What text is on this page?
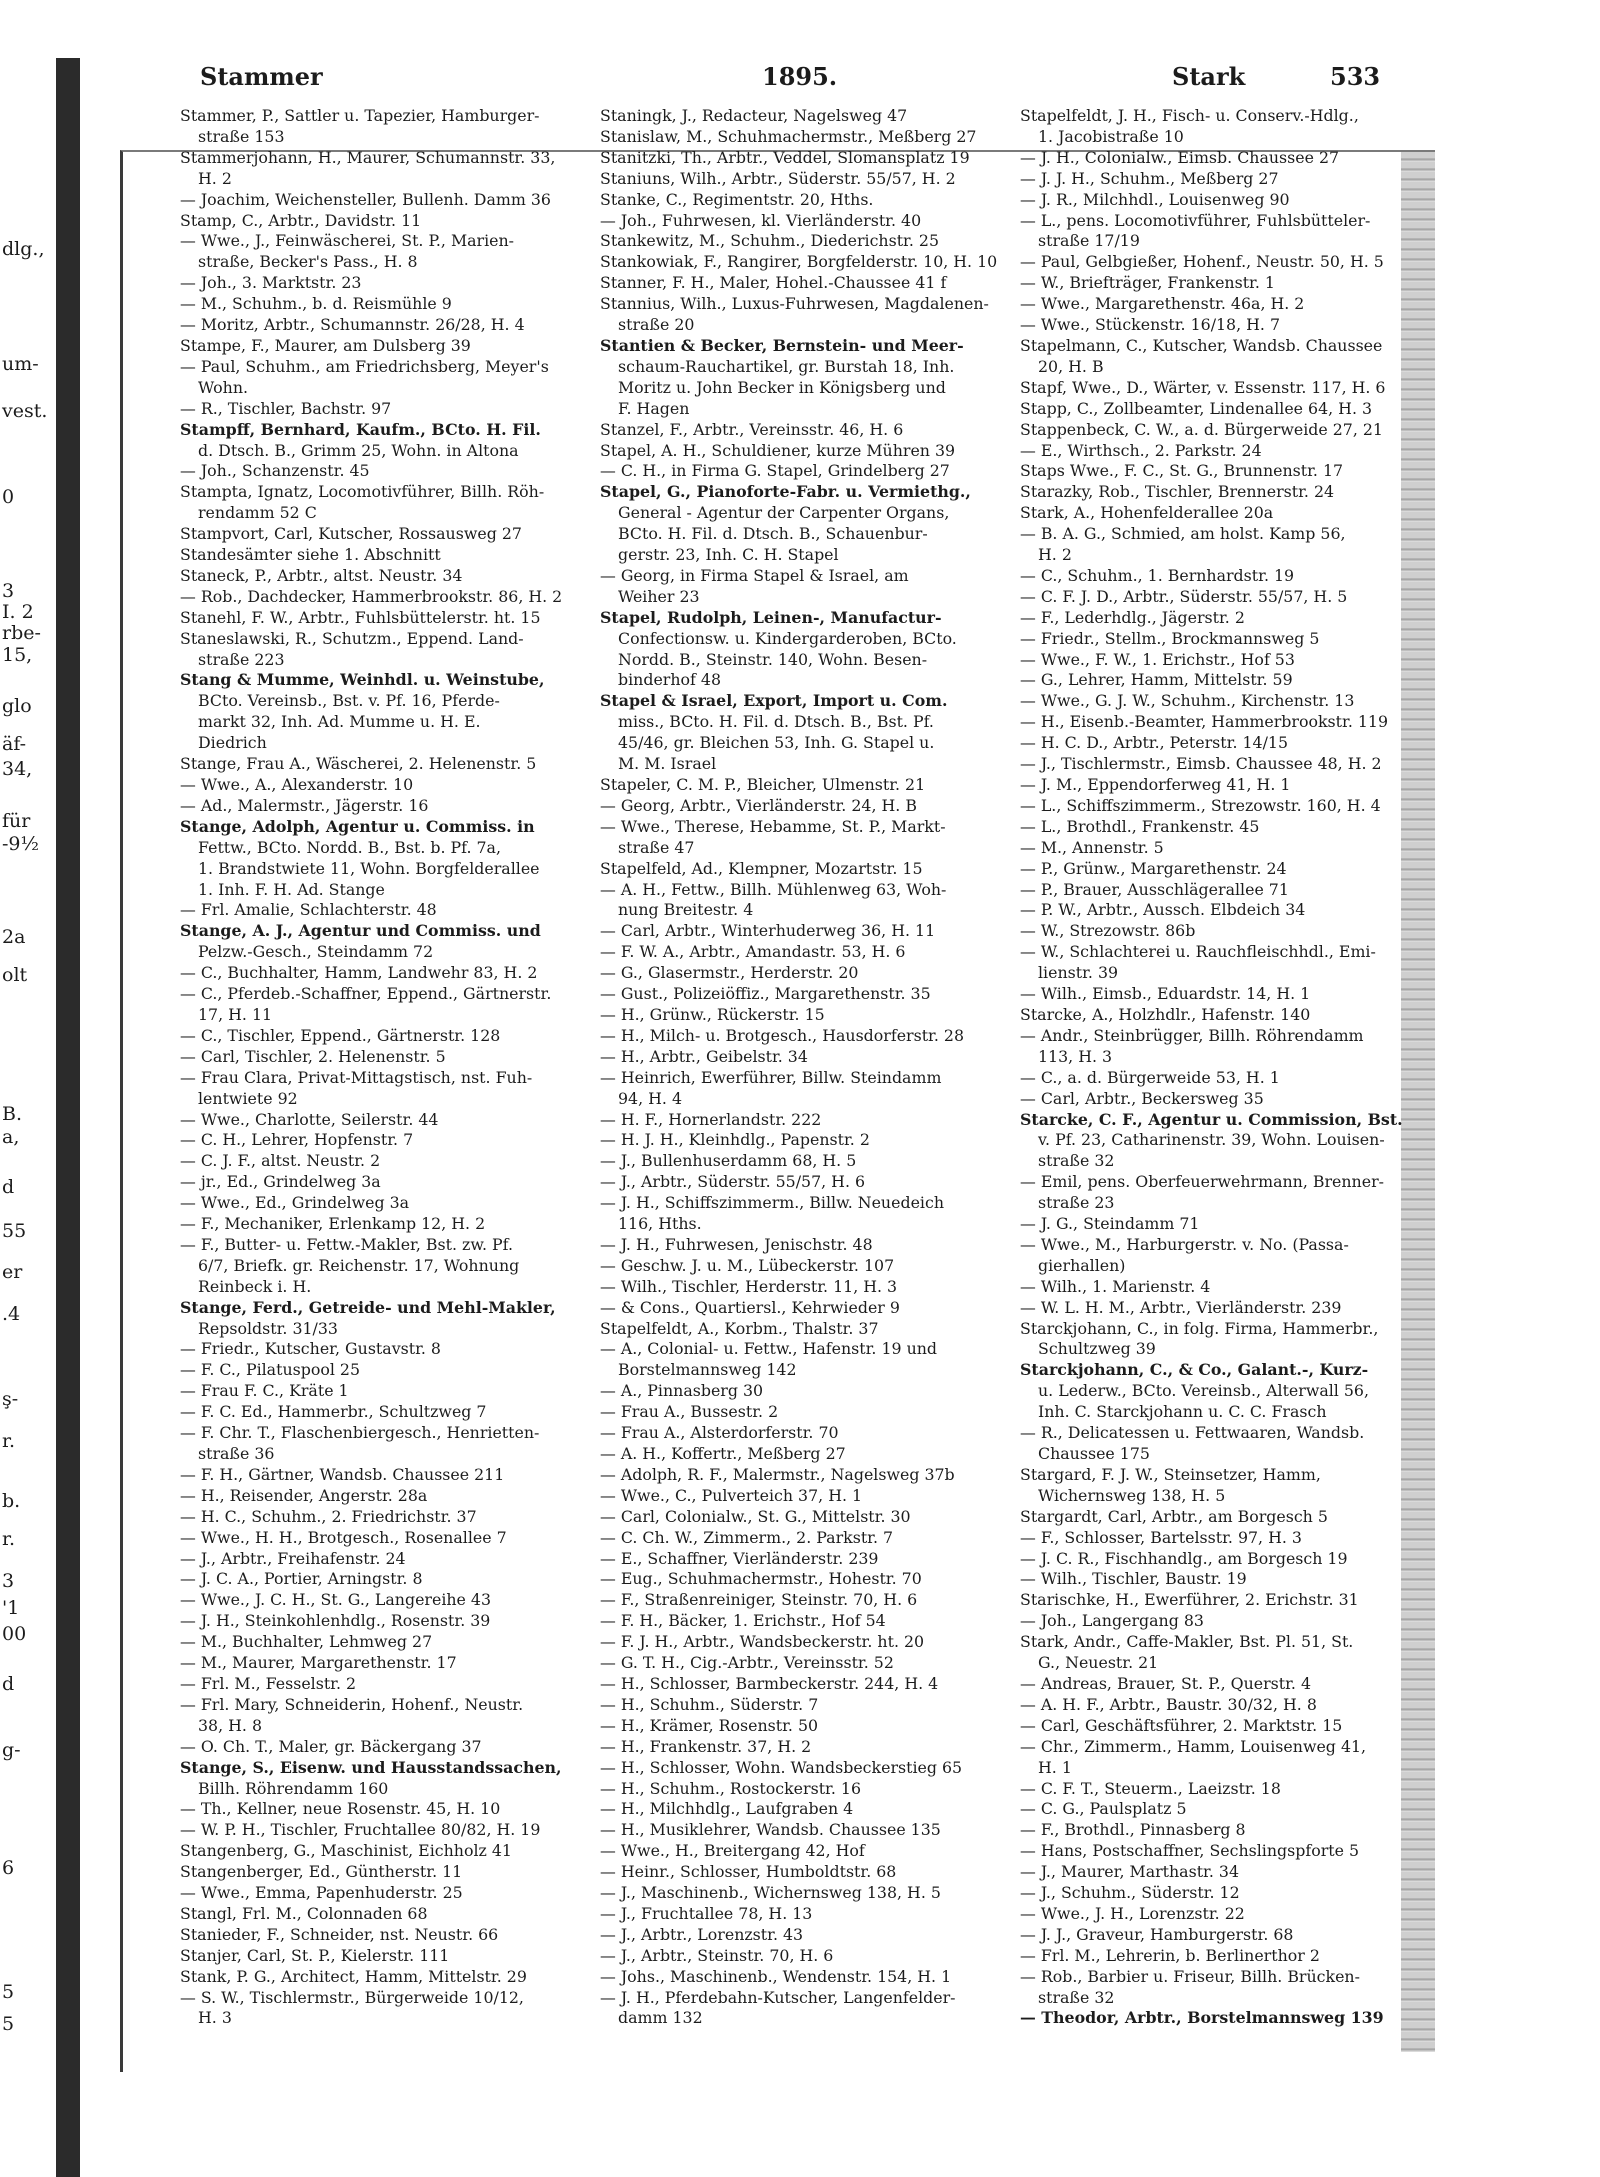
dlg.,
um-
vest.
0
3
I. 2
rbe-
15,
glo
äf-
34,
für
-9½
2a
olt
B.
a,
d
55
er
.4
ş-
r.
b.
r.
3
'1
00
d
g-
6
5
5
Stammer	1895.	Stark	533
Stammer, P., Sattler u. Tapezier, Hamburger-
straße 153
Stammerjohann, H., Maurer, Schumannstr. 33,
H. 2
— Joachim, Weichensteller, Bullenh. Damm 36
Stamp, C., Arbtr., Davidstr. 11
— Wwe., J., Feinwäscherei, St. P., Marien-
straße, Becker's Pass., H. 8
— Joh., 3. Marktstr. 23
— M., Schuhm., b. d. Reismühle 9
— Moritz, Arbtr., Schumannstr. 26/28, H. 4
Stampe, F., Maurer, am Dulsberg 39
— Paul, Schuhm., am Friedrichsberg, Meyer's
Wohn.
— R., Tischler, Bachstr. 97
Stampff, Bernhard, Kaufm., BCto. H. Fil.
d. Dtsch. B., Grimm 25, Wohn. in Altona
— Joh., Schanzenstr. 45
Stampta, Ignatz, Locomotivführer, Billh. Röh-
rendamm 52 C
Stampvort, Carl, Kutscher, Rossausweg 27
Standesämter siehe 1. Abschnitt
Staneck, P., Arbtr., altst. Neustr. 34
— Rob., Dachdecker, Hammerbrookstr. 86, H. 2
Stanehl, F. W., Arbtr., Fuhlsbüttelerstr. ht. 15
Staneslawski, R., Schutzm., Eppend. Land-
straße 223
Stang & Mumme, Weinhdl. u. Weinstube,
BCto. Vereinsb., Bst. v. Pf. 16, Pferde-
markt 32, Inh. Ad. Mumme u. H. E.
Diedrich
Stange, Frau A., Wäscherei, 2. Helenenstr. 5
— Wwe., A., Alexanderstr. 10
— Ad., Malermstr., Jägerstr. 16
Stange, Adolph, Agentur u. Commiss. in
Fettw., BCto. Nordd. B., Bst. b. Pf. 7a,
1. Brandstwiete 11, Wohn. Borgfelderallee
1. Inh. F. H. Ad. Stange
— Frl. Amalie, Schlachterstr. 48
Stange, A. J., Agentur und Commiss. und
Pelzw.-Gesch., Steindamm 72
— C., Buchhalter, Hamm, Landwehr 83, H. 2
— C., Pferdeb.-Schaffner, Eppend., Gärtnerstr.
17, H. 11
— C., Tischler, Eppend., Gärtnerstr. 128
— Carl, Tischler, 2. Helenenstr. 5
— Frau Clara, Privat-Mittagstisch, nst. Fuh-
lentwiete 92
— Wwe., Charlotte, Seilerstr. 44
— C. H., Lehrer, Hopfenstr. 7
— C. J. F., altst. Neustr. 2
— jr., Ed., Grindelweg 3a
— Wwe., Ed., Grindelweg 3a
— F., Mechaniker, Erlenkamp 12, H. 2
— F., Butter- u. Fettw.-Makler, Bst. zw. Pf.
6/7, Briefk. gr. Reichenstr. 17, Wohnung
Reinbeck i. H.
Stange, Ferd., Getreide- und Mehl-Makler,
Repsoldstr. 31/33
— Friedr., Kutscher, Gustavstr. 8
— F. C., Pilatuspool 25
— Frau F. C., Kräte 1
— F. C. Ed., Hammerbr., Schultzweg 7
— F. Chr. T., Flaschenbiergesch., Henrietten-
straße 36
— F. H., Gärtner, Wandsb. Chaussee 211
— H., Reisender, Angerstr. 28a
— H. C., Schuhm., 2. Friedrichstr. 37
— Wwe., H. H., Brotgesch., Rosenallee 7
— J., Arbtr., Freihafenstr. 24
— J. C. A., Portier, Arningstr. 8
— Wwe., J. C. H., St. G., Langereihe 43
— J. H., Steinkohlenhdlg., Rosenstr. 39
— M., Buchhalter, Lehmweg 27
— M., Maurer, Margarethenstr. 17
— Frl. M., Fesselstr. 2
— Frl. Mary, Schneiderin, Hohenf., Neustr.
38, H. 8
— O. Ch. T., Maler, gr. Bäckergang 37
Stange, S., Eisenw. und Hausstandssachen,
Billh. Röhrendamm 160
— Th., Kellner, neue Rosenstr. 45, H. 10
— W. P. H., Tischler, Fruchtallee 80/82, H. 19
Stangenberg, G., Maschinist, Eichholz 41
Stangenberger, Ed., Güntherstr. 11
— Wwe., Emma, Papenhuderstr. 25
Stangl, Frl. M., Colonnaden 68
Stanieder, F., Schneider, nst. Neustr. 66
Stanjer, Carl, St. P., Kielerstr. 111
Stank, P. G., Architect, Hamm, Mittelstr. 29
— S. W., Tischlermstr., Bürgerweide 10/12,
H. 3
Staningk, J., Redacteur, Nagelsweg 47
Stanislaw, M., Schuhmachermstr., Meßberg 27
Stanitzki, Th., Arbtr., Veddel, Slomansplatz 19
Staniuns, Wilh., Arbtr., Süderstr. 55/57, H. 2
Stanke, C., Regimentstr. 20, Hths.
— Joh., Fuhrwesen, kl. Vierländerstr. 40
Stankewitz, M., Schuhm., Diederichstr. 25
Stankowiak, F., Rangirer, Borgfelderstr. 10, H. 10
Stanner, F. H., Maler, Hohel.-Chaussee 41 f
Stannius, Wilh., Luxus-Fuhrwesen, Magdalenen-
straße 20
Stantien & Becker, Bernstein- und Meer-
schaum-Rauchartikel, gr. Burstah 18, Inh.
Moritz u. John Becker in Königsberg und
F. Hagen
Stanzel, F., Arbtr., Vereinsstr. 46, H. 6
Stapel, A. H., Schuldiener, kurze Mühren 39
— C. H., in Firma G. Stapel, Grindelberg 27
Stapel, G., Pianoforte-Fabr. u. Vermiethg.,
General - Agentur der Carpenter Organs,
BCto. H. Fil. d. Dtsch. B., Schauenbur-
gerstr. 23, Inh. C. H. Stapel
— Georg, in Firma Stapel & Israel, am
Weiher 23
Stapel, Rudolph, Leinen-, Manufactur-
Confectionsw. u. Kindergarderoben, BCto.
Nordd. B., Steinstr. 140, Wohn. Besen-
binderhof 48
Stapel & Israel, Export, Import u. Com.
miss., BCto. H. Fil. d. Dtsch. B., Bst. Pf.
45/46, gr. Bleichen 53, Inh. G. Stapel u.
M. M. Israel
Stapeler, C. M. P., Bleicher, Ulmenstr. 21
— Georg, Arbtr., Vierländerstr. 24, H. B
— Wwe., Therese, Hebamme, St. P., Markt-
straße 47
Stapelfeld, Ad., Klempner, Mozartstr. 15
— A. H., Fettw., Billh. Mühlenweg 63, Woh-
nung Breitestr. 4
— Carl, Arbtr., Winterhuderweg 36, H. 11
— F. W. A., Arbtr., Amandastr. 53, H. 6
— G., Glasermstr., Herderstr. 20
— Gust., Polizeiöffiz., Margarethenstr. 35
— H., Grünw., Rückerstr. 15
— H., Milch- u. Brotgesch., Hausdorferstr. 28
— H., Arbtr., Geibelstr. 34
— Heinrich, Ewerführer, Billw. Steindamm
94, H. 4
— H. F., Hornerlandstr. 222
— H. J. H., Kleinhdlg., Papenstr. 2
— J., Bullenhuserdamm 68, H. 5
— J., Arbtr., Süderstr. 55/57, H. 6
— J. H., Schiffszimmerm., Billw. Neuedeich
116, Hths.
— J. H., Fuhrwesen, Jenischstr. 48
— Geschw. J. u. M., Lübeckerstr. 107
— Wilh., Tischler, Herderstr. 11, H. 3
— & Cons., Quartiersl., Kehrwieder 9
Stapelfeldt, A., Korbm., Thalstr. 37
— A., Colonial- u. Fettw., Hafenstr. 19 und
Borstelmannsweg 142
— A., Pinnasberg 30
— Frau A., Bussestr. 2
— Frau A., Alsterdorferstr. 70
— A. H., Koffertr., Meßberg 27
— Adolph, R. F., Malermstr., Nagelsweg 37b
— Wwe., C., Pulverteich 37, H. 1
— Carl, Colonialw., St. G., Mittelstr. 30
— C. Ch. W., Zimmerm., 2. Parkstr. 7
— E., Schaffner, Vierländerstr. 239
— Eug., Schuhmachermstr., Hohestr. 70
— F., Straßenreiniger, Steinstr. 70, H. 6
— F. H., Bäcker, 1. Erichstr., Hof 54
— F. J. H., Arbtr., Wandsbeckerstr. ht. 20
— G. T. H., Cig.-Arbtr., Vereinsstr. 52
— H., Schlosser, Barmbeckerstr. 244, H. 4
— H., Schuhm., Süderstr. 7
— H., Krämer, Rosenstr. 50
— H., Frankenstr. 37, H. 2
— H., Schlosser, Wohn. Wandsbeckerstieg 65
— H., Schuhm., Rostockerstr. 16
— H., Milchhdlg., Laufgraben 4
— H., Musiklehrer, Wandsb. Chaussee 135
— Wwe., H., Breitergang 42, Hof
— Heinr., Schlosser, Humboldtstr. 68
— J., Maschinenb., Wichernsweg 138, H. 5
— J., Fruchtallee 78, H. 13
— J., Arbtr., Lorenzstr. 43
— J., Arbtr., Steinstr. 70, H. 6
— Johs., Maschinenb., Wendenstr. 154, H. 1
— J. H., Pferdebahn-Kutscher, Langenfelder-
damm 132
Stapelfeldt, J. H., Fisch- u. Conserv.-Hdlg.,
1. Jacobistraße 10
— J. H., Colonialw., Eimsb. Chaussee 27
— J. J. H., Schuhm., Meßberg 27
— J. R., Milchhdl., Louisenweg 90
— L., pens. Locomotivführer, Fuhlsbütteler-
straße 17/19
— Paul, Gelbgießer, Hohenf., Neustr. 50, H. 5
— W., Briefträger, Frankenstr. 1
— Wwe., Margarethenstr. 46a, H. 2
— Wwe., Stückenstr. 16/18, H. 7
Stapelmann, C., Kutscher, Wandsb. Chaussee
20, H. B
Stapf, Wwe., D., Wärter, v. Essenstr. 117, H. 6
Stapp, C., Zollbeamter, Lindenallee 64, H. 3
Stappenbeck, C. W., a. d. Bürgerweide 27, 21
— E., Wirthsch., 2. Parkstr. 24
Staps Wwe., F. C., St. G., Brunnenstr. 17
Starazky, Rob., Tischler, Brennerstr. 24
Stark, A., Hohenfelderallee 20a
— B. A. G., Schmied, am holst. Kamp 56,
H. 2
— C., Schuhm., 1. Bernhardstr. 19
— C. F. J. D., Arbtr., Süderstr. 55/57, H. 5
— F., Lederhdlg., Jägerstr. 2
— Friedr., Stellm., Brockmannsweg 5
— Wwe., F. W., 1. Erichstr., Hof 53
— G., Lehrer, Hamm, Mittelstr. 59
— Wwe., G. J. W., Schuhm., Kirchenstr. 13
— H., Eisenb.-Beamter, Hammerbrookstr. 119
— H. C. D., Arbtr., Peterstr. 14/15
— J., Tischlermstr., Eimsb. Chaussee 48, H. 2
— J. M., Eppendorferweg 41, H. 1
— L., Schiffszimmerm., Strezowstr. 160, H. 4
— L., Brothdl., Frankenstr. 45
— M., Annenstr. 5
— P., Grünw., Margarethenstr. 24
— P., Brauer, Ausschlägerallee 71
— P. W., Arbtr., Aussch. Elbdeich 34
— W., Strezowstr. 86b
— W., Schlachterei u. Rauchfleischhdl., Emi-
lienstr. 39
— Wilh., Eimsb., Eduardstr. 14, H. 1
Starcke, A., Holzhdlr., Hafenstr. 140
— Andr., Steinbrügger, Billh. Röhrendamm
113, H. 3
— C., a. d. Bürgerweide 53, H. 1
— Carl, Arbtr., Beckersweg 35
Starcke, C. F., Agentur u. Commission, Bst.
v. Pf. 23, Catharinenstr. 39, Wohn. Louisen-
straße 32
— Emil, pens. Oberfeuerwehrmann, Brenner-
straße 23
— J. G., Steindamm 71
— Wwe., M., Harburgerstr. v. No. (Passa-
gierhallen)
— Wilh., 1. Marienstr. 4
— W. L. H. M., Arbtr., Vierländerstr. 239
Starckjohann, C., in folg. Firma, Hammerbr.,
Schultzweg 39
Starckjohann, C., & Co., Galant.-, Kurz-
u. Lederw., BCto. Vereinsb., Alterwall 56,
Inh. C. Starckjohann u. C. C. Frasch
— R., Delicatessen u. Fettwaaren, Wandsb.
Chaussee 175
Stargard, F. J. W., Steinsetzer, Hamm,
Wichernsweg 138, H. 5
Stargardt, Carl, Arbtr., am Borgesch 5
— F., Schlosser, Bartelsstr. 97, H. 3
— J. C. R., Fischhandlg., am Borgesch 19
— Wilh., Tischler, Baustr. 19
Starischke, H., Ewerführer, 2. Erichstr. 31
— Joh., Langergang 83
Stark, Andr., Caffe-Makler, Bst. Pl. 51, St.
G., Neuestr. 21
— Andreas, Brauer, St. P., Querstr. 4
— A. H. F., Arbtr., Baustr. 30/32, H. 8
— Carl, Geschäftsführer, 2. Marktstr. 15
— Chr., Zimmerm., Hamm, Louisenweg 41,
H. 1
— C. F. T., Steuerm., Laeizstr. 18
— C. G., Paulsplatz 5
— F., Brothdl., Pinnasberg 8
— Hans, Postschaffner, Sechslingspforte 5
— J., Maurer, Marthastr. 34
— J., Schuhm., Süderstr. 12
— Wwe., J. H., Lorenzstr. 22
— J. J., Graveur, Hamburgerstr. 68
— Frl. M., Lehrerin, b. Berlinerthor 2
— Rob., Barbier u. Friseur, Billh. Brücken-
straße 32
— Theodor, Arbtr., Borstelmannsweg 139
